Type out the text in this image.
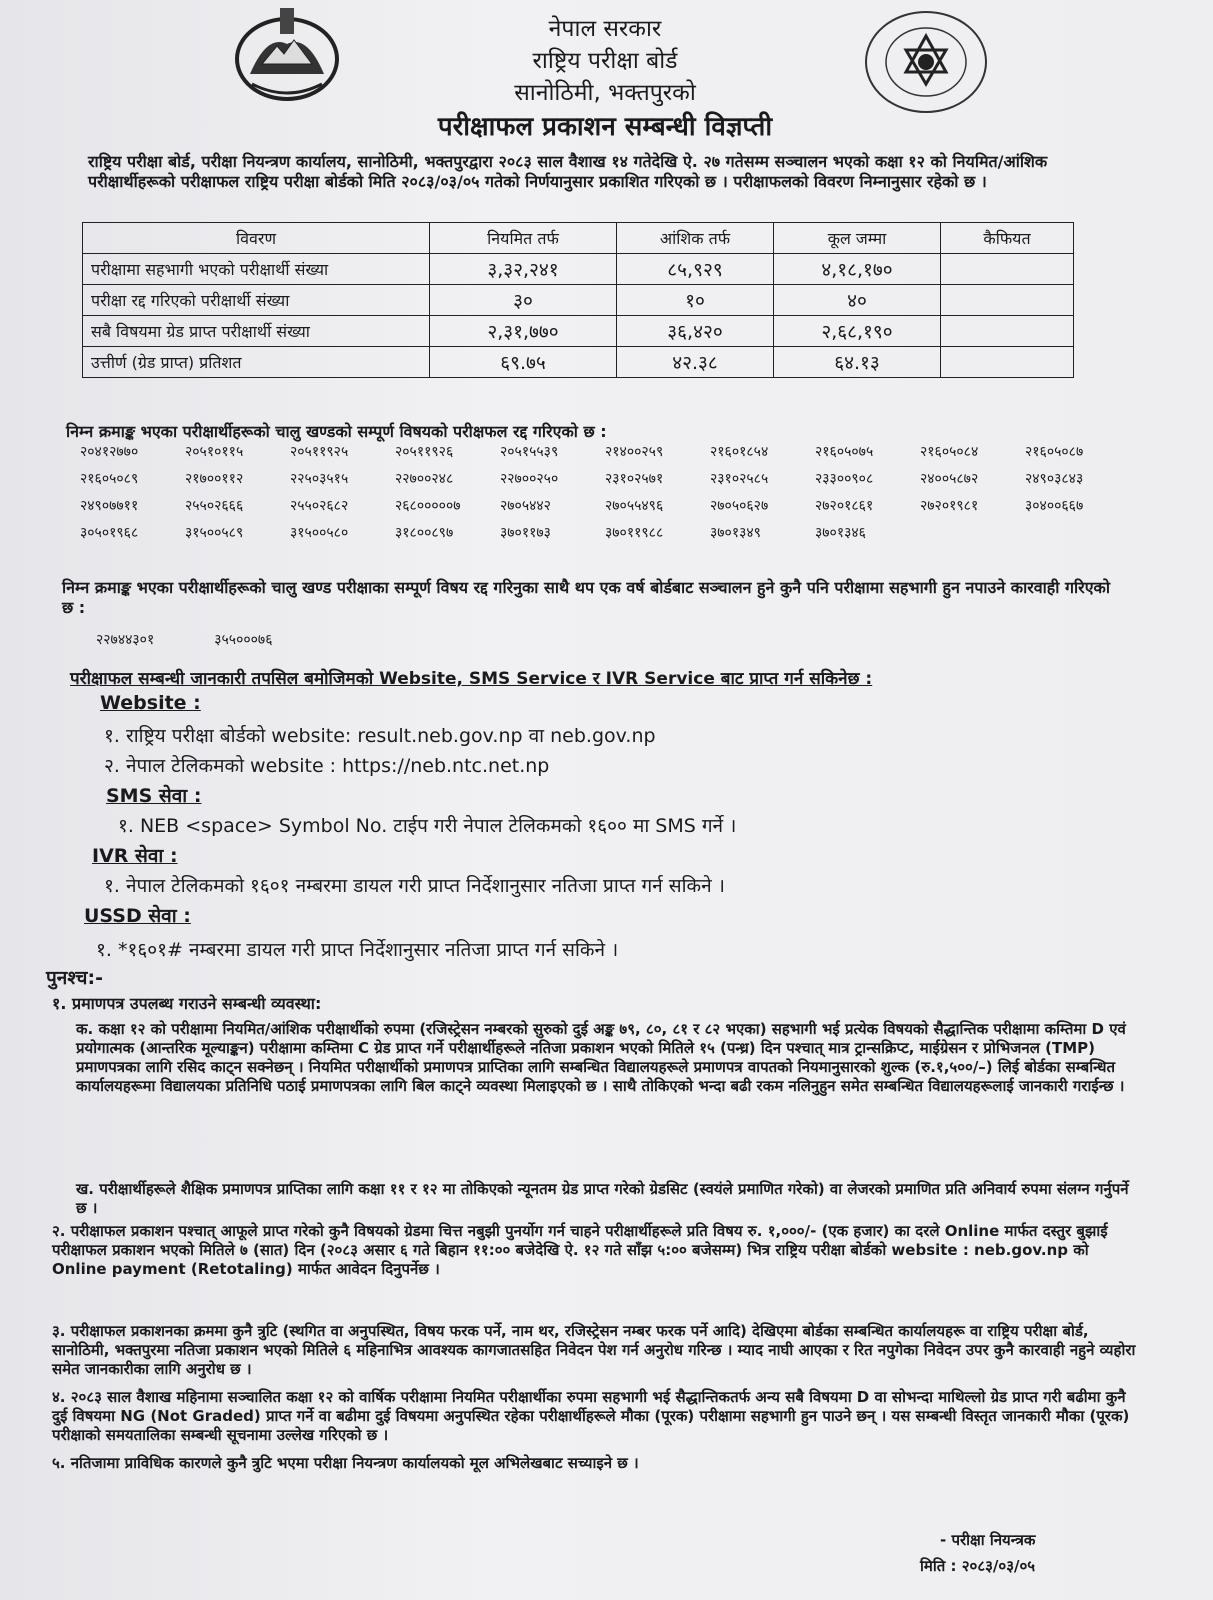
नेपाल सरकार
राष्ट्रिय परीक्षा बोर्ड
सानोठिमी, भक्तपुरको
परीक्षाफल प्रकाशन सम्बन्धी विज्ञप्ती
राष्ट्रिय परीक्षा बोर्ड, परीक्षा नियन्त्रण कार्यालय, सानोठिमी, भक्तपुरद्वारा २०८३ साल वैशाख १४ गतेदेखि ऐ. २७ गतेसम्म सञ्चालन भएको कक्षा १२ को नियमित/आंशिक परीक्षार्थीहरूको परीक्षाफल राष्ट्रिय परीक्षा बोर्डको मिति २०८३/०३/०५ गतेको निर्णयानुसार प्रकाशित गरिएको छ । परीक्षाफलको विवरण निम्नानुसार रहेको छ ।
विवरण	नियमित तर्फ	आंशिक तर्फ	कूल जम्मा	कैफियत
परीक्षामा सहभागी भएको परीक्षार्थी संख्या	३,३२,२४१	८५,९२९	४,१८,१७०	
परीक्षा रद्द गरिएको परीक्षार्थी संख्या	३०	१०	४०	
सबै विषयमा ग्रेड प्राप्त परीक्षार्थी संख्या	२,३१,७७०	३६,४२०	२,६८,१९०	
उत्तीर्ण (ग्रेड प्राप्त) प्रतिशत	६९.७५	४२.३८	६४.१३	
निम्न क्रमाङ्क भएका परीक्षार्थीहरूको चालु खण्डको सम्पूर्ण विषयको परीक्षफल रद्द गरिएको छ :
२०४१२७७०	२०५१०११५	२०५११९२५	२०५११९२६	२०५१५५३९	२१४००२५९	२१६०१८५४	२१६०५०७५	२१६०५०८४	२१६०५०८७
२१६०५०८९	२१७००११२	२२५०३५१५	२२७००२४८	२२७००२५०	२३१०२५७१	२३१०२५८५	२३३००९०८	२४००५८७२	२४९०३८४३
२४९०७७११	२५५०२६६६	२५५०२६८२	२६८०००००७	२७०५४४२	२७०५५४९६	२७०५०६२७	२७२०१८६१	२७२०१९८१	३०४००६६७
३०५०१९६८	३१५००५८९	३१५००५८०	३१८००८९७	३७०११७३	३७०११९८८	३७०१३४९	३७०१३४६
निम्न क्रमाङ्क भएका परीक्षार्थीहरूको चालु खण्ड परीक्षाका सम्पूर्ण विषय रद्द गरिनुका साथै थप एक वर्ष बोर्डबाट सञ्चालन हुने कुनै पनि परीक्षामा सहभागी हुन नपाउने कारवाही गरिएको छ :
२२७४४३०१	३५५०००७६
परीक्षाफल सम्बन्धी जानकारी तपसिल बमोजिमको Website, SMS Service र IVR Service बाट प्राप्त गर्न सकिनेछ :
Website :
१. राष्ट्रिय परीक्षा बोर्डको website: result.neb.gov.np वा neb.gov.np
२. नेपाल टेलिकमको website : https://neb.ntc.net.np
SMS सेवा :
१. NEB <space> Symbol No. टाईप गरी नेपाल टेलिकमको १६०० मा SMS गर्ने ।
IVR सेवा :
१. नेपाल टेलिकमको १६०१ नम्बरमा डायल गरी प्राप्त निर्देशानुसार नतिजा प्राप्त गर्न सकिने ।
USSD सेवा :
१. *१६०१# नम्बरमा डायल गरी प्राप्त निर्देशानुसार नतिजा प्राप्त गर्न सकिने ।
पुनश्च:-
१. प्रमाणपत्र उपलब्ध गराउने सम्बन्धी व्यवस्था:
क. कक्षा १२ को परीक्षामा नियमित/आंशिक परीक्षार्थीको रुपमा (रजिस्ट्रेसन नम्बरको सुरुको दुई अङ्क ७९, ८०, ८१ र ८२ भएका) सहभागी भई प्रत्येक विषयको सैद्धान्तिक परीक्षामा कम्तिमा D एवं प्रयोगात्मक (आन्तरिक मूल्याङ्कन) परीक्षामा कम्तिमा C ग्रेड प्राप्त गर्ने परीक्षार्थीहरूले नतिजा प्रकाशन भएको मितिले १५ (पन्ध्र) दिन पश्चात् मात्र ट्रान्सक्रिप्ट, माईग्रेसन र प्रोभिजनल (TMP) प्रमाणपत्रका लागि रसिद काट्न सक्नेछन् । नियमित परीक्षार्थीको प्रमाणपत्र प्राप्तिका लागि सम्बन्धित विद्यालयहरूले प्रमाणपत्र वापतको नियमानुसारको शुल्क (रु.१,५००/–) लिई बोर्डका सम्बन्धित कार्यालयहरूमा विद्यालयका प्रतिनिधि पठाई प्रमाणपत्रका लागि बिल काट्ने व्यवस्था मिलाइएको छ । साथै तोकिएको भन्दा बढी रकम नलिनुहुन समेत सम्बन्धित विद्यालयहरूलाई जानकारी गराईन्छ ।
ख. परीक्षार्थीहरूले शैक्षिक प्रमाणपत्र प्राप्तिका लागि कक्षा ११ र १२ मा तोकिएको न्यूनतम ग्रेड प्राप्त गरेको ग्रेडसिट (स्वयंले प्रमाणित गरेको) वा लेजरको प्रमाणित प्रति अनिवार्य रुपमा संलग्न गर्नुपर्ने छ ।
२. परीक्षाफल प्रकाशन पश्चात् आफूले प्राप्त गरेको कुनै विषयको ग्रेडमा चित्त नबुझी पुनर्योग गर्न चाहने परीक्षार्थीहरूले प्रति विषय रु. १,०००/- (एक हजार) का दरले Online मार्फत दस्तुर बुझाई परीक्षाफल प्रकाशन भएको मितिले ७ (सात) दिन (२०८३ असार ६ गते बिहान ११:०० बजेदेखि ऐ. १२ गते साँझ ५:०० बजेसम्म) भित्र राष्ट्रिय परीक्षा बोर्डको website : neb.gov.np को Online payment (Retotaling) मार्फत आवेदन दिनुपर्नेछ ।
३. परीक्षाफल प्रकाशनका क्रममा कुनै त्रुटि (स्थगित वा अनुपस्थित, विषय फरक पर्ने, नाम थर, रजिस्ट्रेसन नम्बर फरक पर्ने आदि) देखिएमा बोर्डका सम्बन्धित कार्यालयहरू वा राष्ट्रिय परीक्षा बोर्ड, सानोठिमी, भक्तपुरमा नतिजा प्रकाशन भएको मितिले ६ महिनाभित्र आवश्यक कागजातसहित निवेदन पेश गर्न अनुरोध गरिन्छ । म्याद नाघी आएका र रित नपुगेका निवेदन उपर कुनै कारवाही नहुने व्यहोरा समेत जानकारीका लागि अनुरोध छ ।
४. २०८३ साल वैशाख महिनामा सञ्चालित कक्षा १२ को वार्षिक परीक्षामा नियमित परीक्षार्थीका रुपमा सहभागी भई सैद्धान्तिकतर्फ अन्य सबै विषयमा D वा सोभन्दा माथिल्लो ग्रेड प्राप्त गरी बढीमा कुनै दुई विषयमा NG (Not Graded) प्राप्त गर्ने वा बढीमा दुई विषयमा अनुपस्थित रहेका परीक्षार्थीहरूले मौका (पूरक) परीक्षामा सहभागी हुन पाउने छन् । यस सम्बन्धी विस्तृत जानकारी मौका (पूरक) परीक्षाको समयतालिका सम्बन्धी सूचनामा उल्लेख गरिएको छ ।
५. नतिजामा प्राविधिक कारणले कुनै त्रुटि भएमा परीक्षा नियन्त्रण कार्यालयको मूल अभिलेखबाट सच्याइने छ ।
- परीक्षा नियन्त्रक
मिति : २०८३/०३/०५
